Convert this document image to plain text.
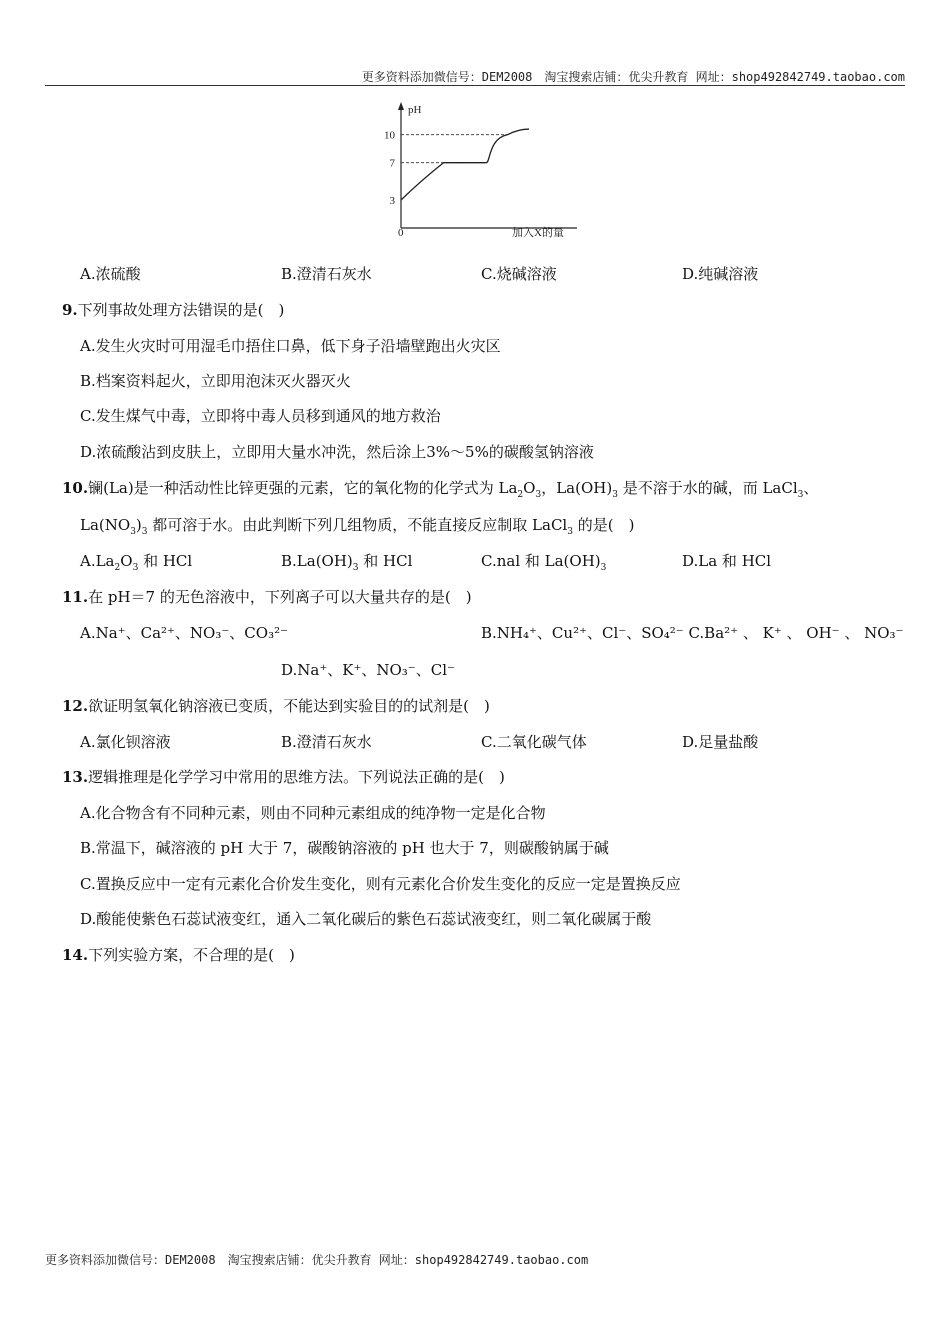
更多资料添加微信号：DEM2008　淘宝搜索店铺：优尖升教育 网址：shop492842749.taobao.com
pH
0	加入X的量
3
7
10
A.浓硫酸	B.澄清石灰水	C.烧碱溶液	D.纯碱溶液
9.下列事故处理方法错误的是(　)
A.发生火灾时可用湿毛巾捂住口鼻，低下身子沿墙壁跑出火灾区
B.档案资料起火，立即用泡沫灭火器灭火
C.发生煤气中毒，立即将中毒人员移到通风的地方救治
D.浓硫酸沾到皮肤上，立即用大量水冲洗，然后涂上3%～5%的碳酸氢钠溶液
10.镧(La)是一种活动性比锌更强的元素，它的氧化物的化学式为 $La_2O_3$，$La(OH)_3$ 是不溶于水的碱，而 LaCl$_3$、
$La(NO_3)_3$ 都可溶于水。由此判断下列几组物质，不能直接反应制取 LaCl$_3$ 的是(　)
$A.La_2O_3$ 和 HCl	$B.La(OH)_3$ 和 HCl	C.nal 和 $La(OH)_3$	D.La 和 HCl
11.在 pH＝7 的无色溶液中，下列离子可以大量共存的是(　)
A.Na⁺、Ca²⁺、NO₃⁻、CO₃²⁻	B.NH₄⁺、Cu²⁺、Cl⁻、SO₄²⁻ C.Ba²⁺ 、 K⁺ 、 OH⁻ 、 NO₃⁻
D.Na⁺、K⁺、NO₃⁻、Cl⁻
12.欲证明氢氧化钠溶液已变质，不能达到实验目的的试剂是(　)
A.氯化钡溶液	B.澄清石灰水	C.二氧化碳气体	D.足量盐酸
13.逻辑推理是化学学习中常用的思维方法。下列说法正确的是(　)
A.化合物含有不同种元素，则由不同种元素组成的纯净物一定是化合物
B.常温下，碱溶液的 pH 大于 7，碳酸钠溶液的 pH 也大于 7，则碳酸钠属于碱
C.置换反应中一定有元素化合价发生变化，则有元素化合价发生变化的反应一定是置换反应
D.酸能使紫色石蕊试液变红，通入二氧化碳后的紫色石蕊试液变红，则二氧化碳属于酸
14.下列实验方案，不合理的是(　)
更多资料添加微信号：DEM2008　淘宝搜索店铺：优尖升教育 网址：shop492842749.taobao.com
